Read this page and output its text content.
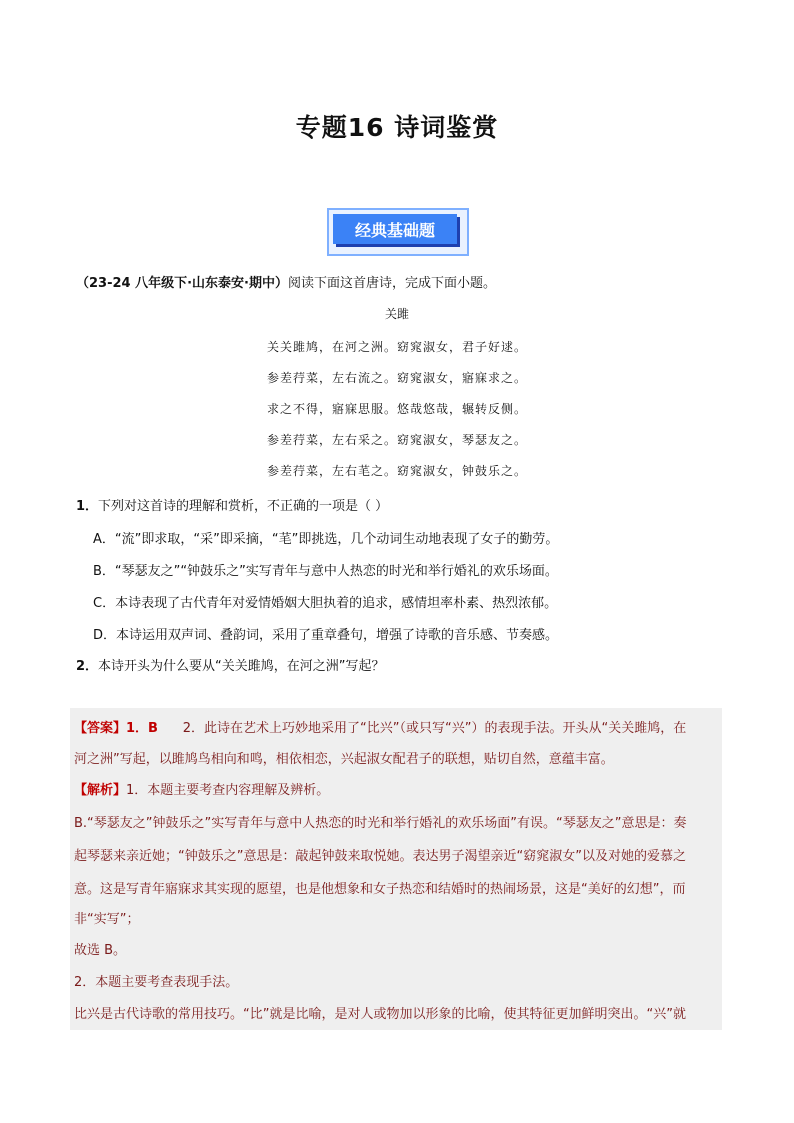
专题16 诗词鉴赏
经典基础题
（23-24 八年级下·山东泰安·期中）阅读下面这首唐诗，完成下面小题。
关雎
关关雎鸠，在河之洲。窈窕淑女，君子好逑。
参差荇菜，左右流之。窈窕淑女，寤寐求之。
求之不得，寤寐思服。悠哉悠哉，辗转反侧。
参差荇菜，左右采之。窈窕淑女，琴瑟友之。
参差荇菜，左右芼之。窈窕淑女，钟鼓乐之。
1．下列对这首诗的理解和赏析，不正确的一项是（ ）
A．“流”即求取，“采”即采摘，“芼”即挑选，几个动词生动地表现了女子的勤劳。
B．“琴瑟友之”“钟鼓乐之”实写青年与意中人热恋的时光和举行婚礼的欢乐场面。
C．本诗表现了古代青年对爱情婚姻大胆执着的追求，感情坦率朴素、热烈浓郁。
D．本诗运用双声词、叠韵词，采用了重章叠句，增强了诗歌的音乐感、节奏感。
2．本诗开头为什么要从“关关雎鸠，在河之洲”写起？
【答案】1．B 2．此诗在艺术上巧妙地采用了“比兴”（或只写“兴”）的表现手法。开头从“关关雎鸠，在
河之洲”写起，以雎鸠鸟相向和鸣，相依相恋，兴起淑女配君子的联想，贴切自然，意蕴丰富。
【解析】1．本题主要考查内容理解及辨析。
B.“琴瑟友之”钟鼓乐之”实写青年与意中人热恋的时光和举行婚礼的欢乐场面”有误。“琴瑟友之”意思是：奏
起琴瑟来亲近她；“钟鼓乐之”意思是：敲起钟鼓来取悦她。表达男子渴望亲近“窈窕淑女”以及对她的爱慕之
意。这是写青年寤寐求其实现的愿望，也是他想象和女子热恋和结婚时的热闹场景，这是“美好的幻想”，而
非“实写”；
故选 B。
2．本题主要考查表现手法。
比兴是古代诗歌的常用技巧。“比”就是比喻，是对人或物加以形象的比喻，使其特征更加鲜明突出。“兴”就
